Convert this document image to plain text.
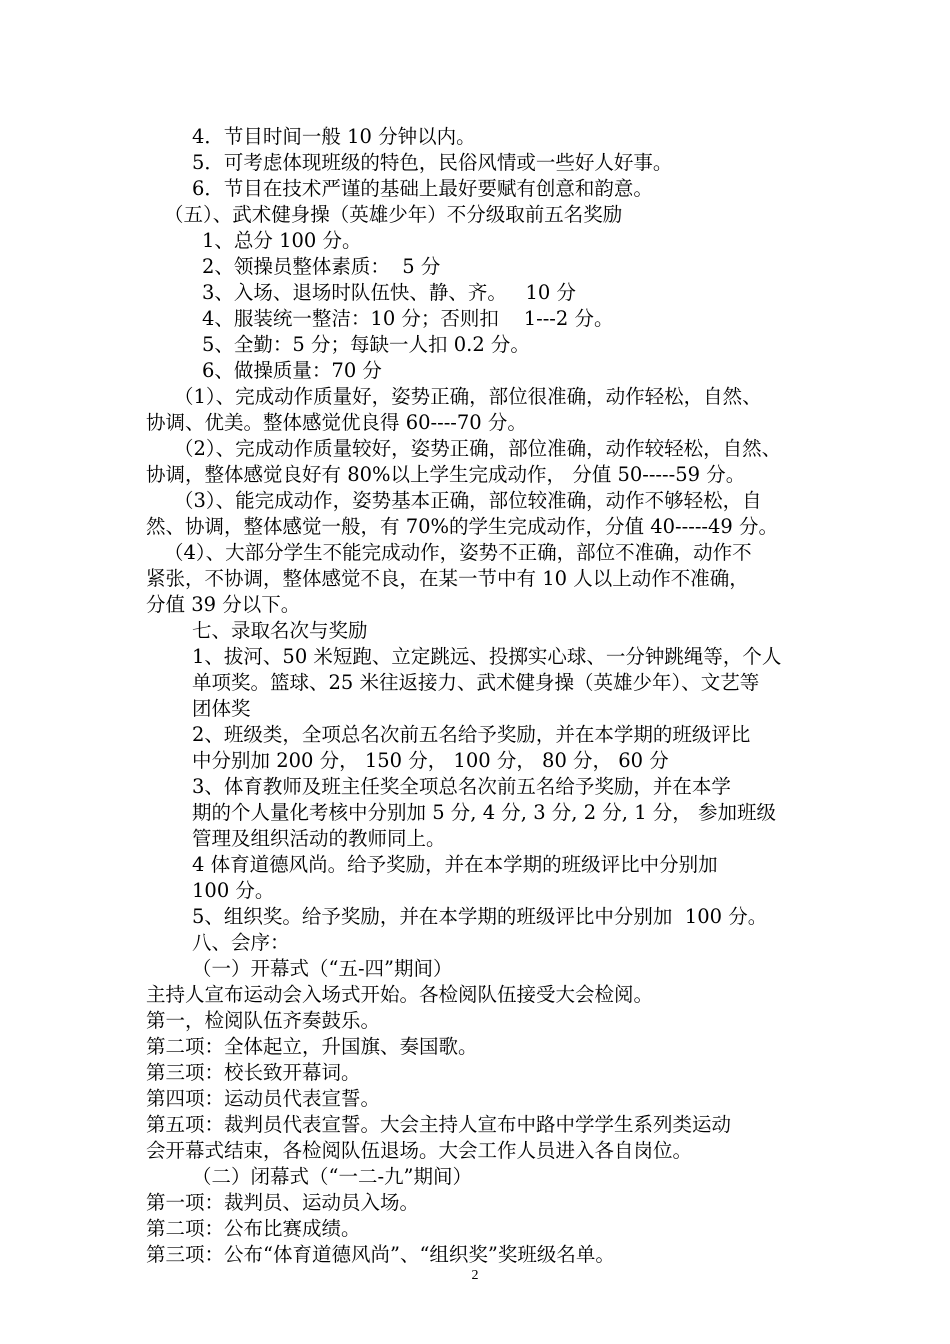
4．节目时间一般 10 分钟以内。
5．可考虑体现班级的特色，民俗风情或一些好人好事。
6．节目在技术严谨的基础上最好要赋有创意和韵意。
（五）、武术健身操（英雄少年）不分级取前五名奖励
1、总分 100 分。
2、领操员整体素质：  5 分
3、入场、退场时队伍快、静、齐。   10 分
4、服装统一整洁：10 分；否则扣    1---2 分。
5、全勤：5 分；每缺一人扣 0.2 分。
6、做操质量：70 分
（1）、完成动作质量好，姿势正确，部位很准确，动作轻松，自然、
协调、优美。整体感觉优良得 60----70 分。
（2）、完成动作质量较好，姿势正确，部位准确，动作较轻松，自然、
协调，整体感觉良好有 80%以上学生完成动作， 分值 50-----59 分。
（3）、能完成动作，姿势基本正确，部位较准确，动作不够轻松，自
然、协调，整体感觉一般，有 70%的学生完成动作，分值 40-----49 分。
（4）、大部分学生不能完成动作，姿势不正确，部位不准确，动作不
紧张，不协调，整体感觉不良，在某一节中有 10 人以上动作不准确，
分值 39 分以下。
七、录取名次与奖励
1、拔河、50 米短跑、立定跳远、投掷实心球、一分钟跳绳等，个人
单项奖。篮球、25 米往返接力、武术健身操（英雄少年）、文艺等
团体奖
2、班级类，全项总名次前五名给予奖励，并在本学期的班级评比
中分别加 200 分， 150 分， 100 分， 80 分， 60 分
3、体育教师及班主任奖全项总名次前五名给予奖励，并在本学
期的个人量化考核中分别加 5 分, 4 分, 3 分, 2 分, 1 分， 参加班级
管理及组织活动的教师同上。
4 体育道德风尚。给予奖励，并在本学期的班级评比中分别加
100 分。
5、组织奖。给予奖励，并在本学期的班级评比中分别加  100 分。
八、会序：
（一）开幕式（“五-四”期间）
主持人宣布运动会入场式开始。各检阅队伍接受大会检阅。
第一，检阅队伍齐奏鼓乐。
第二项：全体起立，升国旗、奏国歌。
第三项：校长致开幕词。
第四项：运动员代表宣誓。
第五项：裁判员代表宣誓。大会主持人宣布中路中学学生系列类运动
会开幕式结束，各检阅队伍退场。大会工作人员进入各自岗位。
（二）闭幕式（“一二-九”期间）
第一项：裁判员、运动员入场。
第二项：公布比赛成绩。
第三项：公布“体育道德风尚”、“组织奖”奖班级名单。
2
